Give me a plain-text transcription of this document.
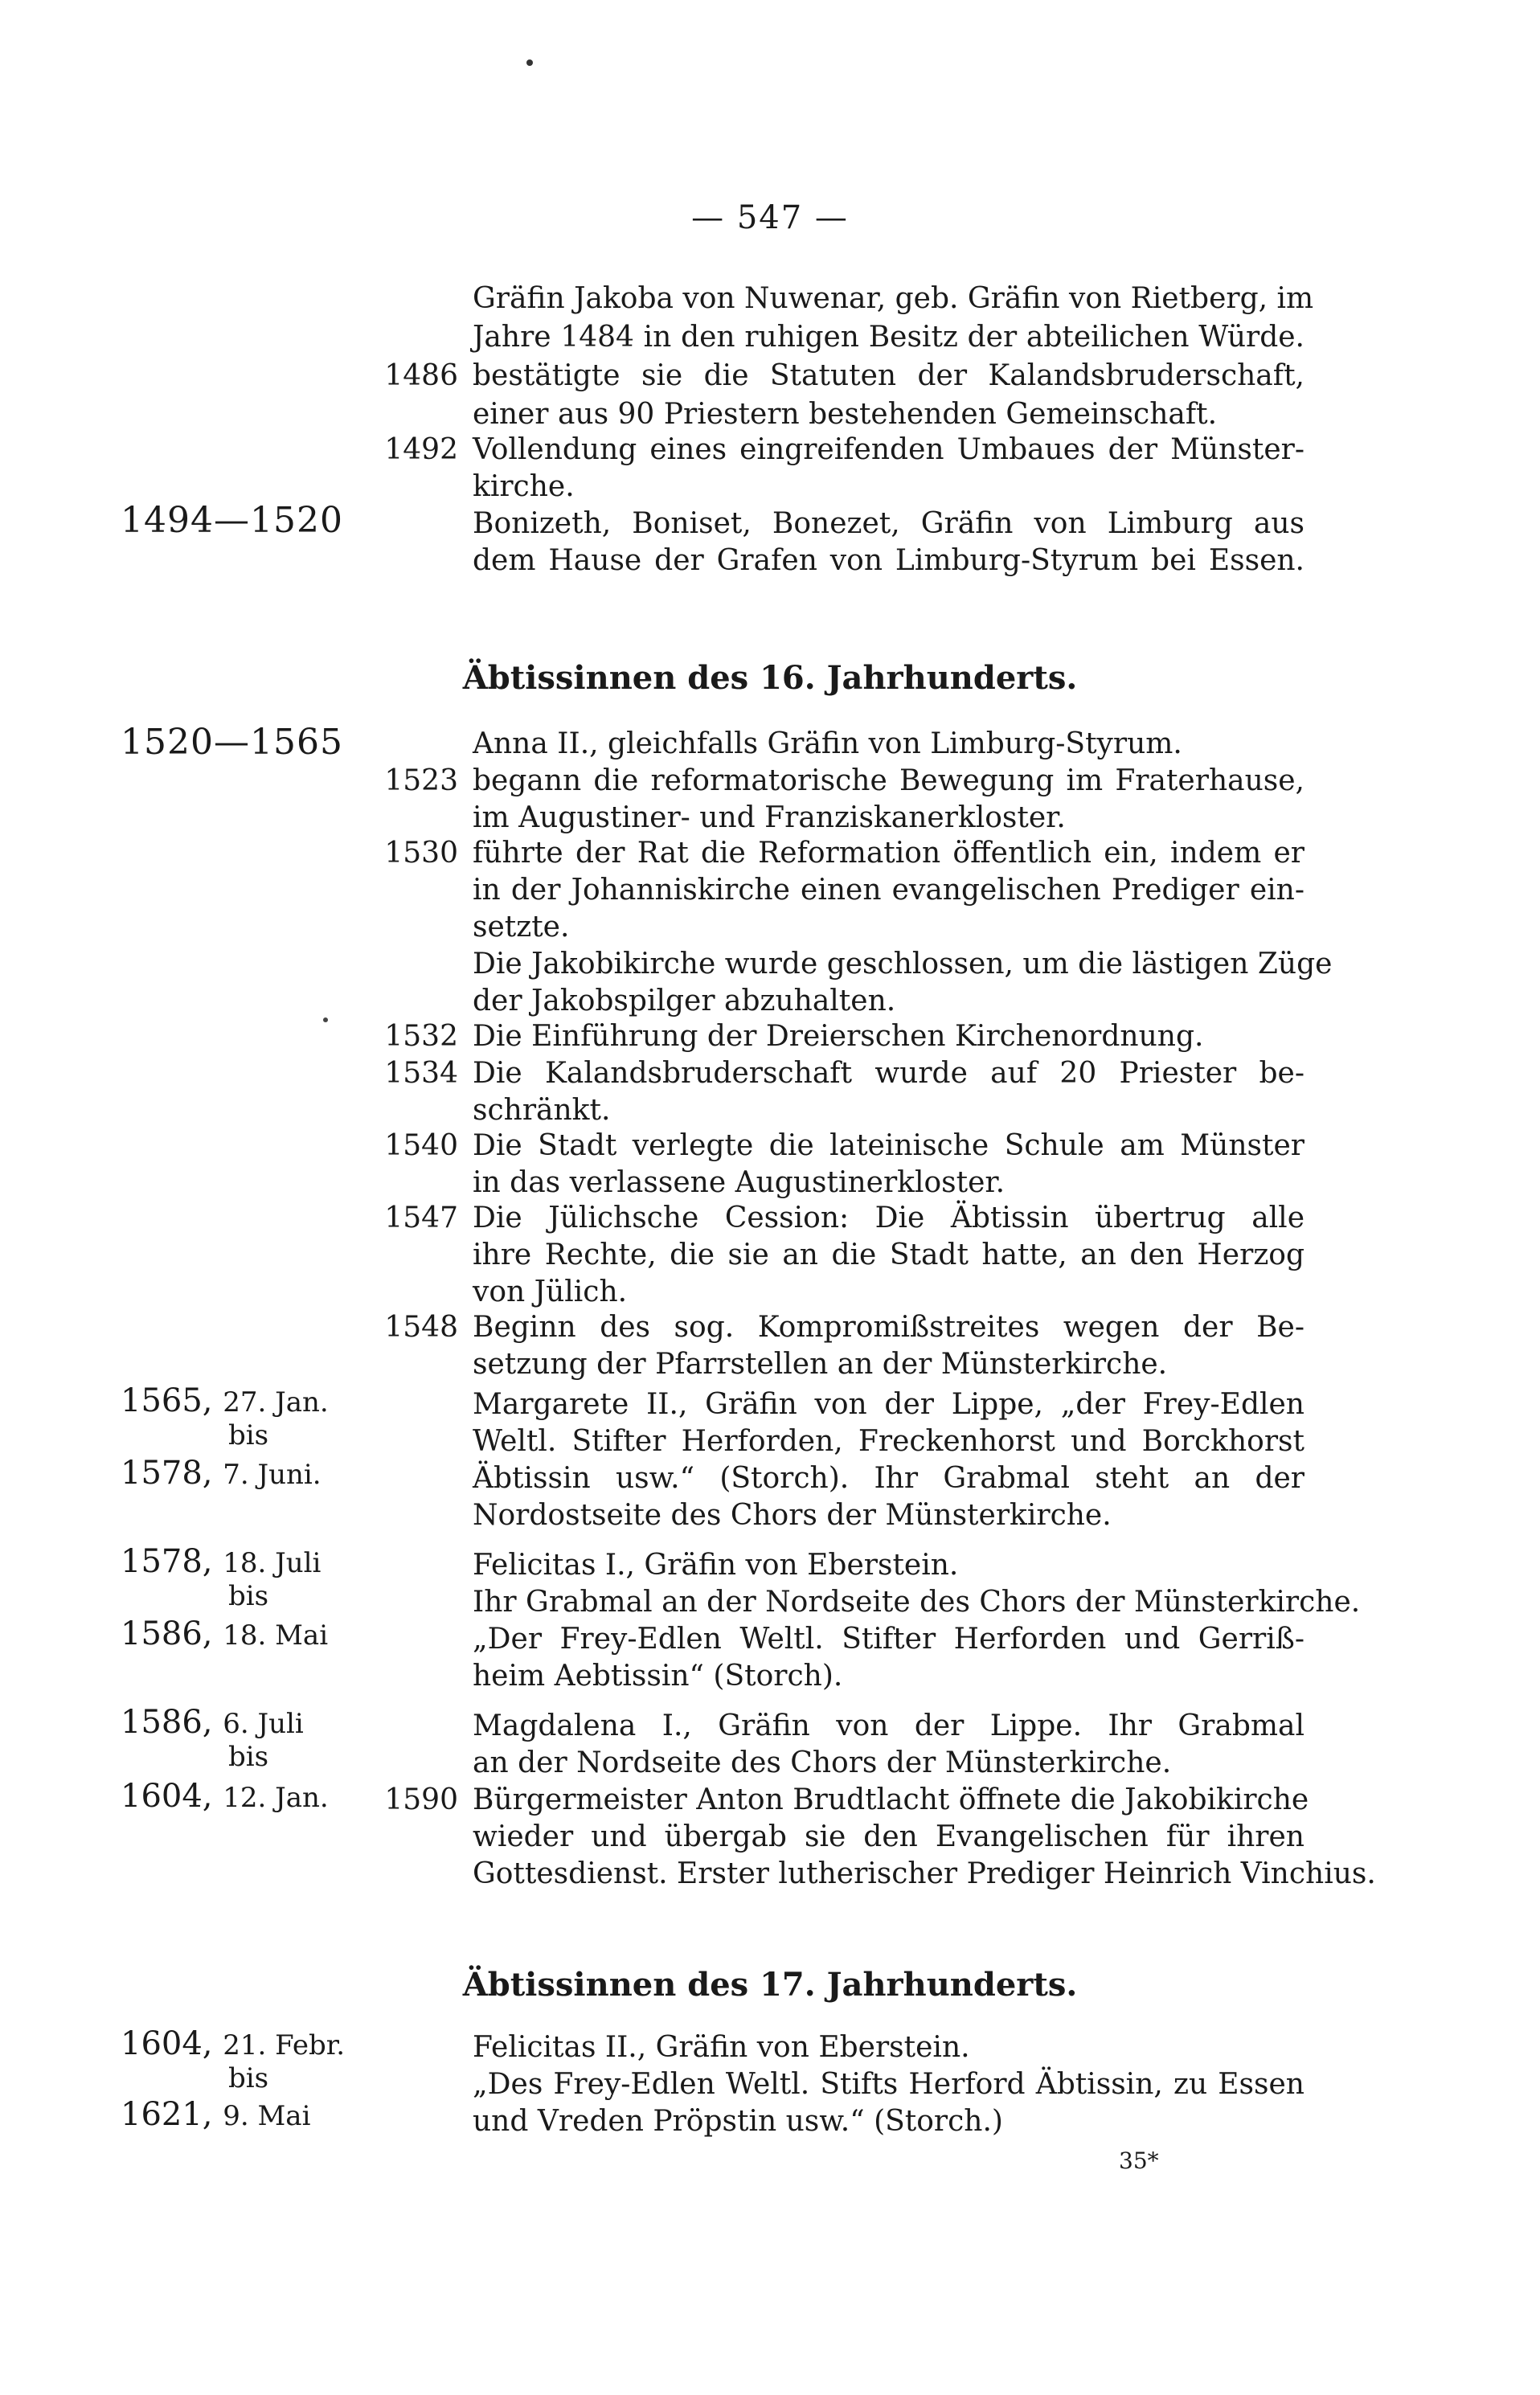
— 547 —
Gräfin Jakoba von Nuwenar, geb. Gräfin von Rietberg, im
Jahre 1484 in den ruhigen Besitz der abteilichen Würde.
1486 bestätigte sie die Statuten der Kalandsbruderschaft,
einer aus 90 Priestern bestehenden Gemeinschaft.
1492 Vollendung eines eingreifenden Umbaues der Münster-
kirche.
1494—1520	Bonizeth, Boniset, Bonezet, Gräfin von Limburg aus
dem Hause der Grafen von Limburg-Styrum bei Essen.
Äbtissinnen des 16. Jahrhunderts.
1520—1565	Anna II., gleichfalls Gräfin von Limburg-Styrum.
1523 begann die reformatorische Bewegung im Fraterhause,
im Augustiner- und Franziskanerkloster.
1530 führte der Rat die Reformation öffentlich ein, indem er
in der Johanniskirche einen evangelischen Prediger ein-
setzte.
Die Jakobikirche wurde geschlossen, um die lästigen Züge
der Jakobspilger abzuhalten.
1532 Die Einführung der Dreierschen Kirchenordnung.
1534 Die Kalandsbruderschaft wurde auf 20 Priester be-
schränkt.
1540 Die Stadt verlegte die lateinische Schule am Münster
in das verlassene Augustinerkloster.
1547 Die Jülichsche Cession: Die Äbtissin übertrug alle
ihre Rechte, die sie an die Stadt hatte, an den Herzog
von Jülich.
1548 Beginn des sog. Kompromißstreites wegen der Be-
setzung der Pfarrstellen an der Münsterkirche.
1565, 27. Jan.
bis
1578, 7. Juni.
Margarete II., Gräfin von der Lippe, „der Frey-Edlen
Weltl. Stifter Herforden, Freckenhorst und Borckhorst
Äbtissin usw.“ (Storch). Ihr Grabmal steht an der
Nordostseite des Chors der Münsterkirche.
1578, 18. Juli
bis
1586, 18. Mai
Felicitas I., Gräfin von Eberstein.
Ihr Grabmal an der Nordseite des Chors der Münsterkirche.
„Der Frey-Edlen Weltl. Stifter Herforden und Gerriß-
heim Aebtissin“ (Storch).
1586, 6. Juli
bis
1604, 12. Jan.
Magdalena I., Gräfin von der Lippe. Ihr Grabmal
an der Nordseite des Chors der Münsterkirche.
1590 Bürgermeister Anton Brudtlacht öffnete die Jakobikirche
wieder und übergab sie den Evangelischen für ihren
Gottesdienst. Erster lutherischer Prediger Heinrich Vinchius.
Äbtissinnen des 17. Jahrhunderts.
1604, 21. Febr.
bis
1621, 9. Mai
Felicitas II., Gräfin von Eberstein.
„Des Frey-Edlen Weltl. Stifts Herford Äbtissin, zu Essen
und Vreden Pröpstin usw.“ (Storch.)
35*
